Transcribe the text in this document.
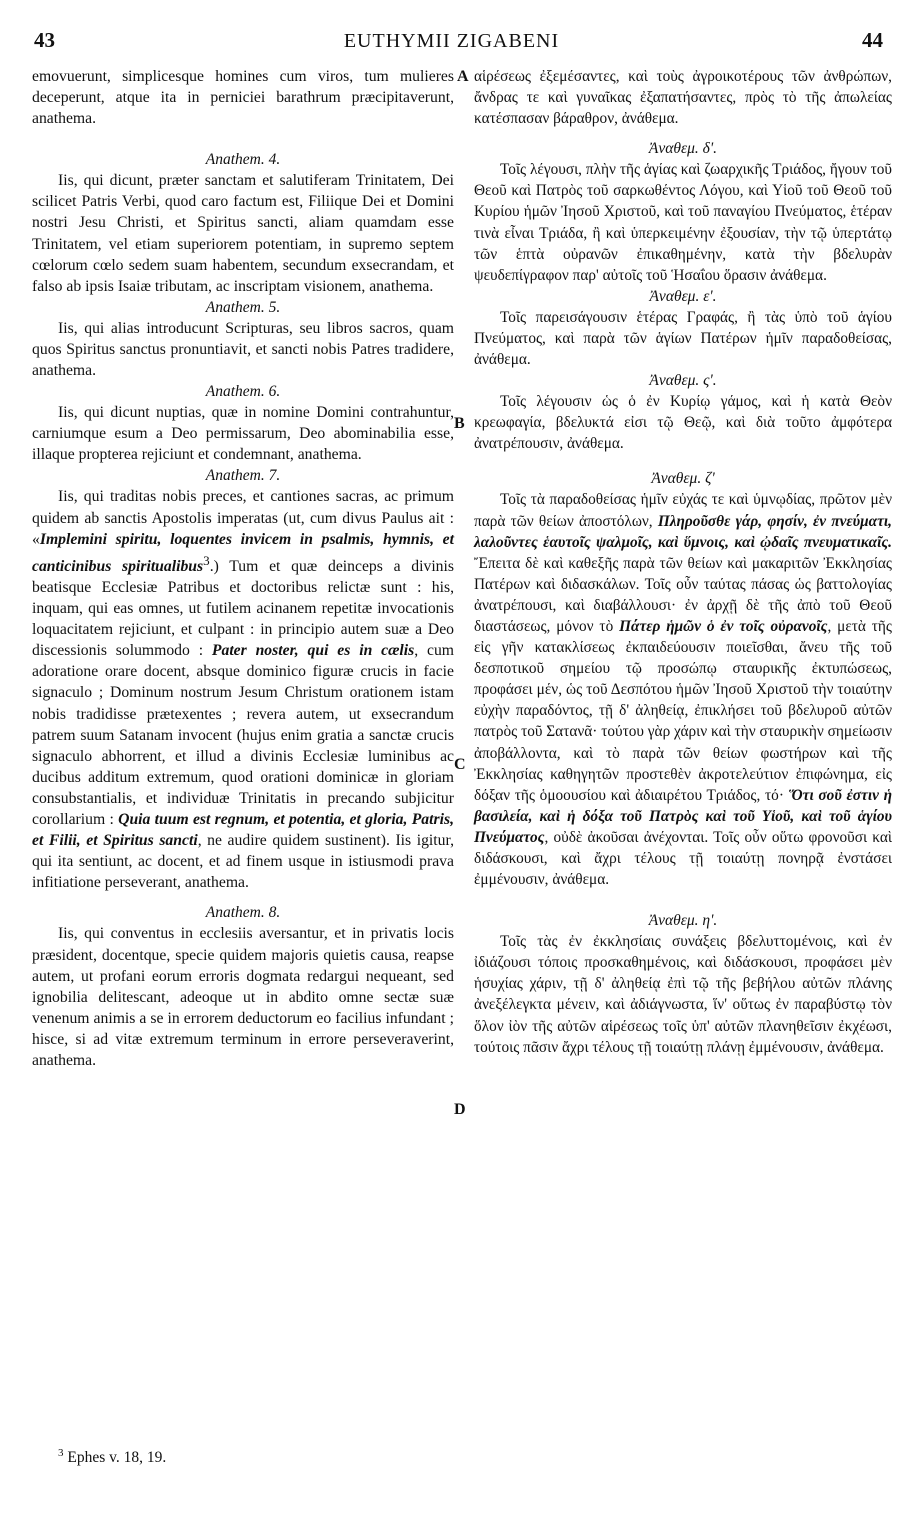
43	EUTHYMII ZIGABENI	44
A
B
C
D

emovuerunt, simplicesque homines cum viros, tum mulieres deceperunt, atque ita in perniciei barathrum præcipitaverunt, anathema.

Anathem. 4.

Iis, qui dicunt, præter sanctam et salutiferam Trinitatem, Dei scilicet Patris Verbi, quod caro factum est, Filiique Dei et Domini nostri Jesu Christi, et Spiritus sancti, aliam quamdam esse Trinitatem, vel etiam superiorem potentiam, in supremo septem cœlorum cœlo sedem suam habentem, secundum exsecrandam, et falso ab ipsis Isaiæ tributam, ac inscriptam visionem, anathema.

Anathem. 5.

Iis, qui alias introducunt Scripturas, seu libros sacros, quam quos Spiritus sanctus pronuntiavit, et sancti nobis Patres tradidere, anathema.

Anathem. 6.

Iis, qui dicunt nuptias, quæ in nomine Domini contrahuntur, carniumque esum a Deo permissarum, Deo abominabilia esse, illaque propterea rejiciunt et condemnant, anathema.

Anathem. 7.

Iis, qui traditas nobis preces, et cantiones sacras, ac primum quidem ab sanctis Apostolis imperatas (ut, cum divus Paulus ait : «Implemini spiritu, loquentes invicem in psalmis, hymnis, et canticinibus spiritualibus$^3$.) Tum et quæ deinceps a divinis beatisque Ecclesiæ Patribus et doctoribus relictæ sunt : his, inquam, qui eas omnes, ut futilem acinanem repetitæ invocationis loquacitatem rejiciunt, et culpant : in principio autem suæ a Deo discessionis solummodo : Pater noster, qui es in cælis, cum adoratione orare docent, absque dominico figuræ crucis in facie signaculo ; Dominum nostrum Jesum Christum orationem istam nobis tradidisse prætexentes ; revera autem, ut exsecrandum patrem suum Satanam invocent (hujus enim gratia a sanctæ crucis signaculo abhorrent, et illud a divinis Ecclesiæ luminibus ac ducibus additum extremum, quod orationi dominicæ in gloriam consubstantialis, et individuæ Trinitatis in precando subjicitur corollarium : Quia tuum est regnum, et potentia, et gloria, Patris, et Filii, et Spiritus sancti, ne audire quidem sustinent). Iis igitur, qui ita sentiunt, ac docent, et ad finem usque in istiusmodi prava infitiatione perseverant, anathema.

Anathem. 8.

Iis, qui conventus in ecclesiis aversantur, et in privatis locis præsident, docentque, specie quidem majoris quietis causa, reapse autem, ut profani eorum erroris dogmata redargui nequeant, sed ignobilia delitescant, adeoque ut in abdito omne sectæ suæ venenum animis a se in errorem deductorum eo facilius infundant ; hisce, si ad vitæ extremum terminum in errore perseveraverint, anathema.

αἱρέσεως ἐξεμέσαντες, καὶ τοὺς ἀγροικοτέρους τῶν ἀνθρώπων, ἄνδρας τε καὶ γυναῖκας ἐξαπατήσαντες, πρὸς τὸ τῆς ἀπωλείας κατέσπασαν βάραθρον, ἀνάθεμα.

Ἀναθεμ. δ'.

Τοῖς λέγουσι, πλὴν τῆς ἁγίας καὶ ζωαρχικῆς Τριάδος, ἤγουν τοῦ Θεοῦ καὶ Πατρὸς τοῦ σαρκωθέντος Λόγου, καὶ Υἱοῦ τοῦ Θεοῦ τοῦ Κυρίου ἡμῶν Ἰησοῦ Χριστοῦ, καὶ τοῦ παναγίου Πνεύματος, ἑτέραν τινὰ εἶναι Τριάδα, ἢ καὶ ὑπερκειμένην ἐξουσίαν, τὴν τῷ ὑπερτάτῳ τῶν ἑπτὰ οὐρανῶν ἐπικαθημένην, κατὰ τὴν βδελυρὰν ψευδεπίγραφον παρ' αὐτοῖς τοῦ Ἡσαΐου ὅρασιν ἀνάθεμα.

Ἀναθεμ. ε'.

Τοῖς παρεισάγουσιν ἑτέρας Γραφάς, ἢ τὰς ὑπὸ τοῦ ἁγίου Πνεύματος, καὶ παρὰ τῶν ἁγίων Πατέρων ἡμῖν παραδοθείσας, ἀνάθεμα.

Ἀναθεμ. ς'.

Τοῖς λέγουσιν ὡς ὁ ἐν Κυρίῳ γάμος, καὶ ἡ κατὰ Θεὸν κρεωφαγία, βδελυκτά εἰσι τῷ Θεῷ, καὶ διὰ τοῦτο ἀμφότερα ἀνατρέπουσιν, ἀνάθεμα.

Ἀναθεμ. ζ'

Τοῖς τὰ παραδοθείσας ἡμῖν εὐχάς τε καὶ ὑμνῳδίας, πρῶτον μὲν παρὰ τῶν θείων ἀποστόλων, Πληροῦσθε γάρ, φησίν, ἐν πνεύματι, λαλοῦντες ἑαυτοῖς ψαλμοῖς, καὶ ὕμνοις, καὶ ᾠδαῖς πνευματικαῖς. Ἔπειτα δὲ καὶ καθεξῆς παρὰ τῶν θείων καὶ μακαριτῶν Ἐκκλησίας Πατέρων καὶ διδασκάλων. Τοῖς οὖν ταύτας πάσας ὡς βαττολογίας ἀνατρέπουσι, καὶ διαβάλλουσι· ἐν ἀρχῇ δὲ τῆς ἀπὸ τοῦ Θεοῦ διαστάσεως, μόνον τὸ Πάτερ ἡμῶν ὁ ἐν τοῖς οὐρανοῖς, μετὰ τῆς εἰς γῆν κατακλίσεως ἐκπαιδεύουσιν ποιεῖσθαι, ἄνευ τῆς τοῦ δεσποτικοῦ σημείου τῷ προσώπῳ σταυρικῆς ἐκτυπώσεως, προφάσει μέν, ὡς τοῦ Δεσπότου ἡμῶν Ἰησοῦ Χριστοῦ τὴν τοιαύτην εὐχὴν παραδόντος, τῇ δ' ἀληθείᾳ, ἐπικλήσει τοῦ βδελυροῦ αὐτῶν πατρὸς τοῦ Σατανᾶ· τούτου γὰρ χάριν καὶ τὴν σταυρικὴν σημείωσιν ἀποβάλλοντα, καὶ τὸ παρὰ τῶν θείων φωστήρων καὶ τῆς Ἐκκλησίας καθηγητῶν προστεθὲν ἀκροτελεύτιον ἐπιφώνημα, εἰς δόξαν τῆς ὁμοουσίου καὶ ἀδιαιρέτου Τριάδος, τό· Ὅτι σοῦ ἐστιν ἡ βασιλεία, καὶ ἡ δόξα τοῦ Πατρὸς καὶ τοῦ Υἱοῦ, καὶ τοῦ ἁγίου Πνεύματος, οὐδὲ ἀκοῦσαι ἀνέχονται. Τοῖς οὖν οὕτω φρονοῦσι καὶ διδάσκουσι, καὶ ἄχρι τέλους τῇ τοιαύτῃ πονηρᾷ ἐνστάσει ἐμμένουσιν, ἀνάθεμα.

Ἀναθεμ. η'.

Τοῖς τὰς ἐν ἐκκλησίαις συνάξεις βδελυττομένοις, καὶ ἐν ἰδιάζουσι τόποις προσκαθημένοις, καὶ διδάσκουσι, προφάσει μὲν ἡσυχίας χάριν, τῇ δ' ἀληθείᾳ ἐπὶ τῷ τῆς βεβήλου αὐτῶν πλάνης ἀνεξέλεγκτα μένειν, καὶ ἀδιάγνωστα, ἵν' οὕτως ἐν παραβύστῳ τὸν ὅλον ἰὸν τῆς αὐτῶν αἱρέσεως τοῖς ὑπ' αὐτῶν πλανηθεῖσιν ἐκχέωσι, τούτοις πᾶσιν ἄχρι τέλους τῇ τοιαύτῃ πλάνῃ ἐμμένουσιν, ἀνάθεμα.

$^3$ Ephes v. 18, 19.
